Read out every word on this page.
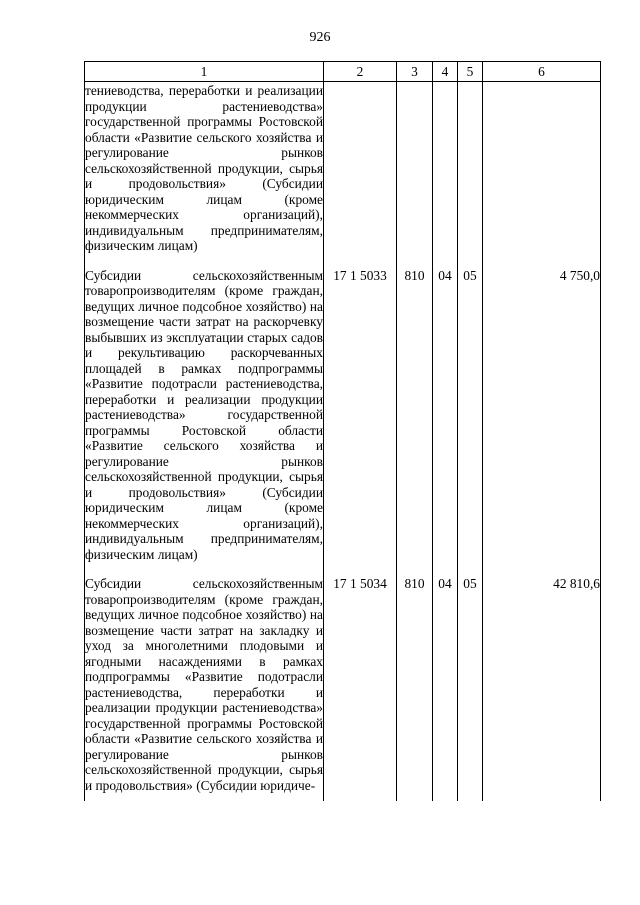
926
1	2	3	4	5	6

тениеводства, переработки и реализации продукции растениеводства» государственной программы Ростовской области «Развитие сельского хозяйства и регулирование рынков сельскохозяйственной продукции, сырья и продовольствия» (Субсидии юридическим лицам (кроме некоммерческих организаций), индивидуальным предпринимателям, физическим лицам)					

Субсидии сельскохозяйственным товаропроизводителям (кроме граждан, ведущих личное подсобное хозяйство) на возмещение части затрат на раскорчевку выбывших из эксплуатации старых садов и рекультивацию раскорчеванных площадей в рамках подпрограммы «Развитие подотрасли растениеводства, переработки и реализации продукции растениеводства» государственной программы Ростовской области «Развитие сельского хозяйства и регулирование рынков сельскохозяйственной продукции, сырья и продовольствия» (Субсидии юридическим лицам (кроме некоммерческих организаций), индивидуальным предпринимателям, физическим лицам)	17 1 5033	810	04	05	4 750,0

Субсидии сельскохозяйственным товаропроизводителям (кроме граждан, ведущих личное подсобное хозяйство) на возмещение части затрат на закладку и уход за многолетними плодовыми и ягодными насаждениями в рамках подпрограммы «Развитие подотрасли растениеводства, переработки и реализации продукции растениеводства» государственной программы Ростовской области «Развитие сельского хозяйства и регулирование рынков сельскохозяйственной продукции, сырья и продовольствия» (Субсидии юридиче-	17 1 5034	810	04	05	42 810,6
